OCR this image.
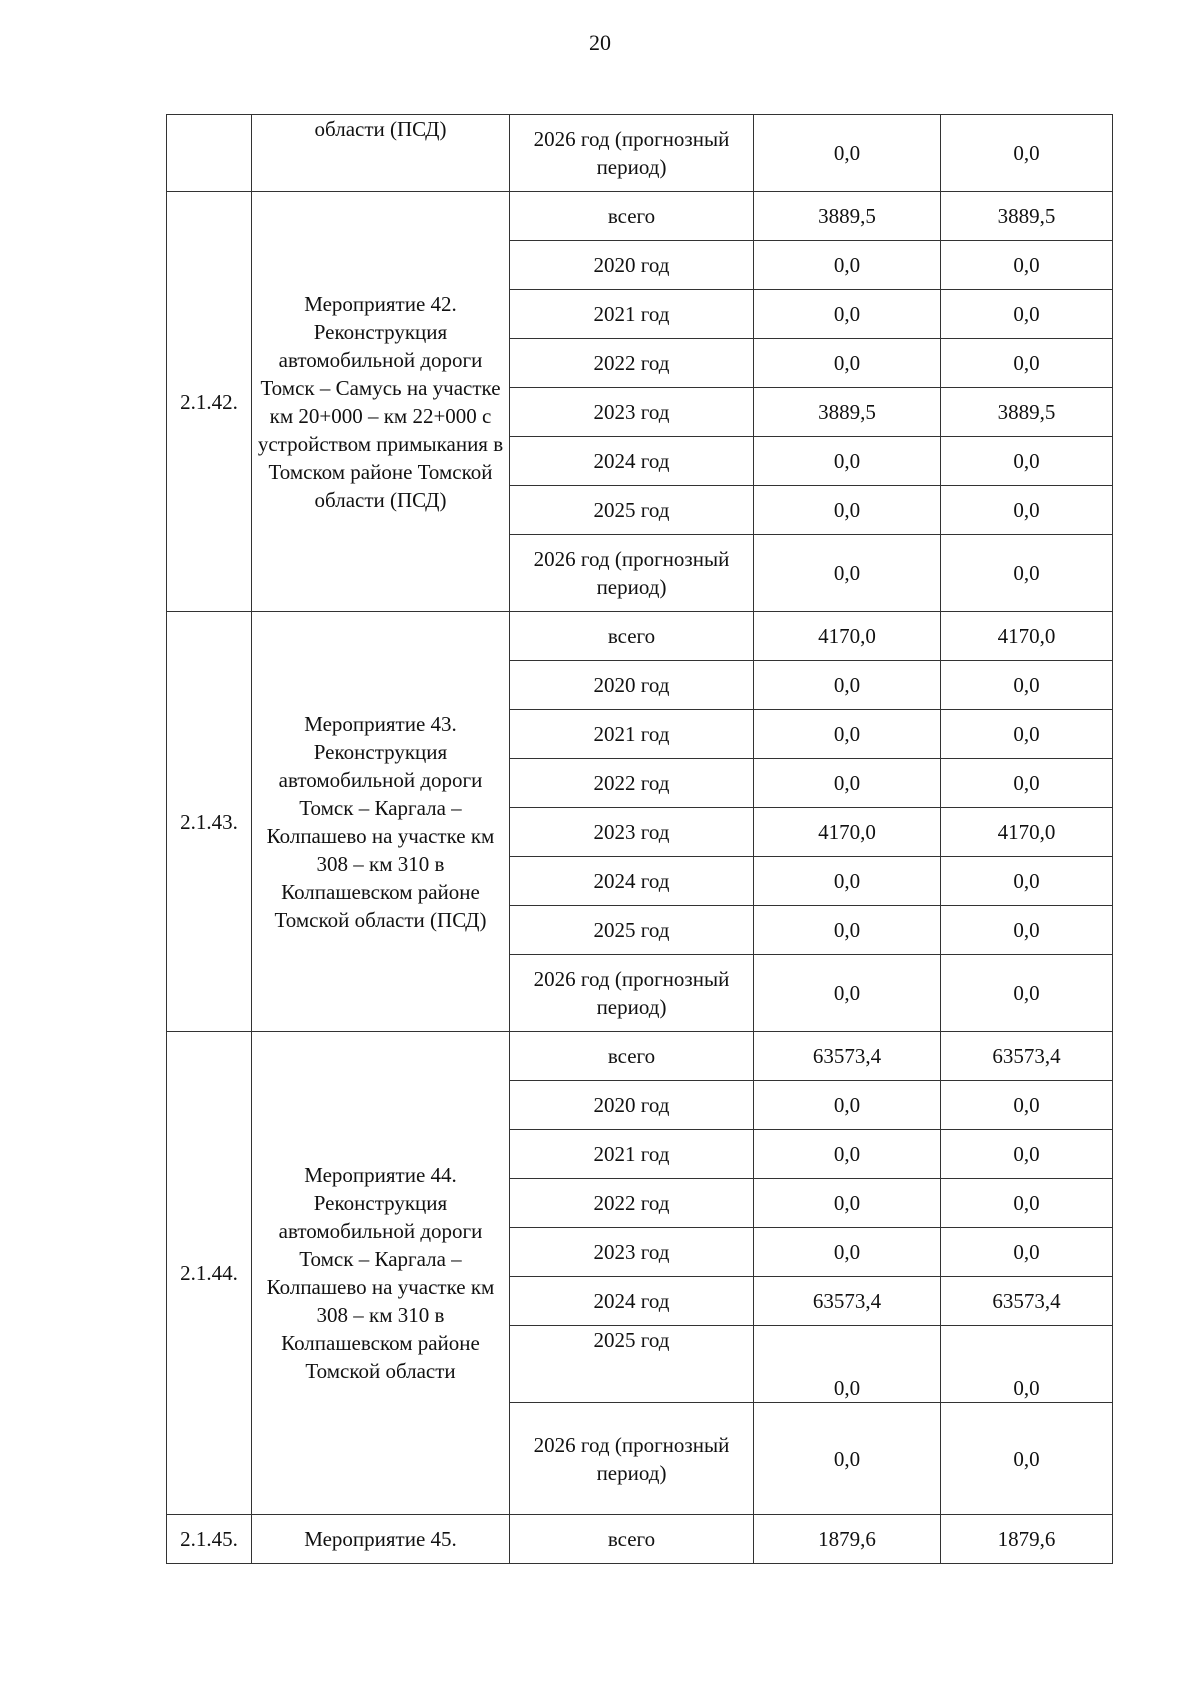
20
	области (ПСД)	2026 год (прогнозный период)	0,0	0,0
2.1.42.	Мероприятие 42. Реконструкция автомобильной дороги Томск – Самусь на участке км 20+000 – км 22+000 с устройством примыкания в Томском районе Томской области (ПСД)	всего	3889,5	3889,5
		2020 год	0,0	0,0
		2021 год	0,0	0,0
		2022 год	0,0	0,0
		2023 год	3889,5	3889,5
		2024 год	0,0	0,0
		2025 год	0,0	0,0
		2026 год (прогнозный период)	0,0	0,0
2.1.43.	Мероприятие 43. Реконструкция автомобильной дороги Томск – Каргала – Колпашево на участке км 308 – км 310 в Колпашевском районе Томской области (ПСД)	всего	4170,0	4170,0
		2020 год	0,0	0,0
		2021 год	0,0	0,0
		2022 год	0,0	0,0
		2023 год	4170,0	4170,0
		2024 год	0,0	0,0
		2025 год	0,0	0,0
		2026 год (прогнозный период)	0,0	0,0
2.1.44.	Мероприятие 44. Реконструкция автомобильной дороги Томск – Каргала – Колпашево на участке км 308 – км 310 в Колпашевском районе Томской области	всего	63573,4	63573,4
		2020 год	0,0	0,0
		2021 год	0,0	0,0
		2022 год	0,0	0,0
		2023 год	0,0	0,0
		2024 год	63573,4	63573,4
		2025 год	0,0	0,0
		2026 год (прогнозный период)	0,0	0,0
2.1.45.	Мероприятие 45.	всего	1879,6	1879,6
